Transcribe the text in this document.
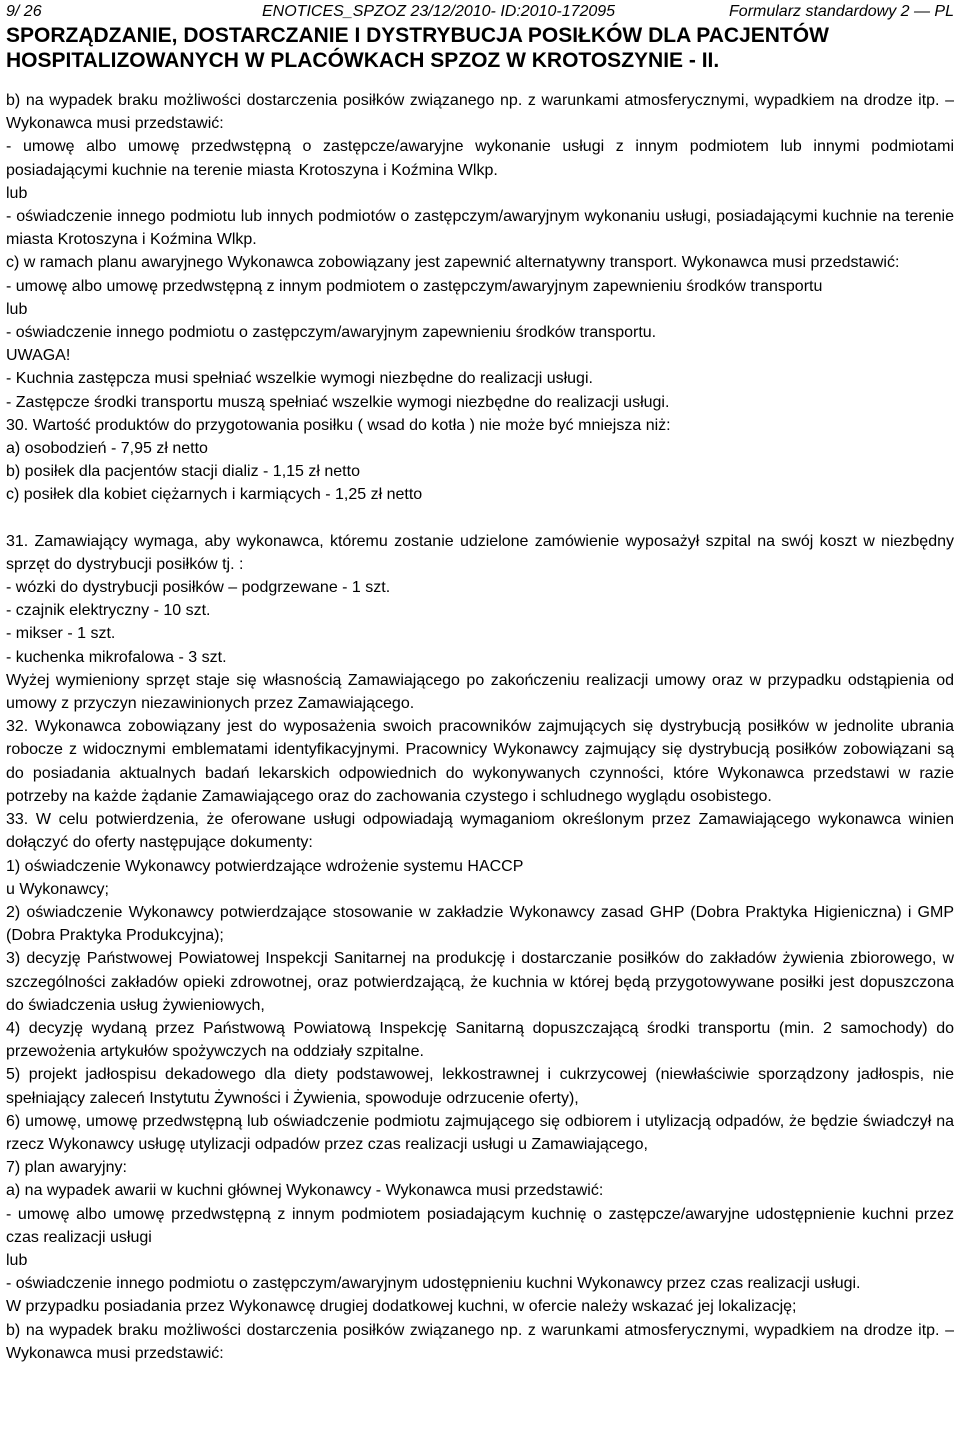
9/ 26	ENOTICES_SPZOZ 23/12/2010- ID:2010-172095	Formularz standardowy 2 — PL
SPORZĄDZANIE, DOSTARCZANIE I DYSTRYBUCJA POSIŁKÓW DLA PACJENTÓW
HOSPITALIZOWANYCH W PLACÓWKACH SPZOZ W KROTOSZYNIE - II.

b) na wypadek braku możliwości dostarczenia posiłków związanego np. z warunkami atmosferycznymi, wypadkiem na drodze itp. – Wykonawca musi przedstawić:

- umowę albo umowę przedwstępną o zastępcze/awaryjne wykonanie usługi z innym podmiotem lub innymi podmiotami posiadającymi kuchnie na terenie miasta Krotoszyna i Koźmina Wlkp.

lub

- oświadczenie innego podmiotu lub innych podmiotów o zastępczym/awaryjnym wykonaniu usługi, posiadającymi kuchnie na terenie miasta Krotoszyna i Koźmina Wlkp.

c) w ramach planu awaryjnego Wykonawca zobowiązany jest zapewnić alternatywny transport. Wykonawca musi przedstawić:

- umowę albo umowę przedwstępną z innym podmiotem o zastępczym/awaryjnym zapewnieniu środków transportu

lub

- oświadczenie innego podmiotu o zastępczym/awaryjnym zapewnieniu środków transportu.

UWAGA!

- Kuchnia zastępcza musi spełniać wszelkie wymogi niezbędne do realizacji usługi.

- Zastępcze środki transportu muszą spełniać wszelkie wymogi niezbędne do realizacji usługi.

30. Wartość produktów do przygotowania posiłku ( wsad do kotła ) nie może być mniejsza niż:

a) osobodzień - 7,95 zł netto

b) posiłek dla pacjentów stacji dializ - 1,15 zł netto

c) posiłek dla kobiet ciężarnych i karmiących - 1,25 zł netto

31. Zamawiający wymaga, aby wykonawca, któremu zostanie udzielone zamówienie wyposażył szpital na swój koszt w niezbędny sprzęt do dystrybucji posiłków tj. :

- wózki do dystrybucji posiłków – podgrzewane - 1 szt.

- czajnik elektryczny - 10 szt.

- mikser - 1 szt.

- kuchenka mikrofalowa - 3 szt.

Wyżej wymieniony sprzęt staje się własnością Zamawiającego po zakończeniu realizacji umowy oraz w przypadku odstąpienia od umowy z przyczyn niezawinionych przez Zamawiającego.

32. Wykonawca zobowiązany jest do wyposażenia swoich pracowników zajmujących się dystrybucją posiłków w jednolite ubrania robocze z widocznymi emblematami identyfikacyjnymi. Pracownicy Wykonawcy zajmujący się dystrybucją posiłków zobowiązani są do posiadania aktualnych badań lekarskich odpowiednich do wykonywanych czynności, które Wykonawca przedstawi w razie potrzeby na każde żądanie Zamawiającego oraz do zachowania czystego i schludnego wyglądu osobistego.

33. W celu potwierdzenia, że oferowane usługi odpowiadają wymaganiom określonym przez Zamawiającego wykonawca winien dołączyć do oferty następujące dokumenty:

1) oświadczenie Wykonawcy potwierdzające wdrożenie systemu HACCP

u Wykonawcy;

2) oświadczenie Wykonawcy potwierdzające stosowanie w zakładzie Wykonawcy zasad GHP (Dobra Praktyka Higieniczna) i GMP (Dobra Praktyka Produkcyjna);

3) decyzję Państwowej Powiatowej Inspekcji Sanitarnej na produkcję i dostarczanie posiłków do zakładów żywienia zbiorowego, w szczególności zakładów opieki zdrowotnej, oraz potwierdzającą, że kuchnia w której będą przygotowywane posiłki jest dopuszczona do świadczenia usług żywieniowych,

4) decyzję wydaną przez Państwową Powiatową Inspekcję Sanitarną dopuszczającą środki transportu (min. 2 samochody) do przewożenia artykułów spożywczych na oddziały szpitalne.

5) projekt jadłospisu dekadowego dla diety podstawowej, lekkostrawnej i cukrzycowej (niewłaściwie sporządzony jadłospis, nie spełniający zaleceń Instytutu Żywności i Żywienia, spowoduje odrzucenie oferty),

6) umowę, umowę przedwstępną lub oświadczenie podmiotu zajmującego się odbiorem i utylizacją odpadów, że będzie świadczył na rzecz Wykonawcy usługę utylizacji odpadów przez czas realizacji usługi u Zamawiającego,

7) plan awaryjny:

a) na wypadek awarii w kuchni głównej Wykonawcy - Wykonawca musi przedstawić:

- umowę albo umowę przedwstępną z innym podmiotem posiadającym kuchnię o zastępcze/awaryjne udostępnienie kuchni przez czas realizacji usługi

lub

- oświadczenie innego podmiotu o zastępczym/awaryjnym udostępnieniu kuchni Wykonawcy przez czas realizacji usługi.

W przypadku posiadania przez Wykonawcę drugiej dodatkowej kuchni, w ofercie należy wskazać jej lokalizację;

b) na wypadek braku możliwości dostarczenia posiłków związanego np. z warunkami atmosferycznymi, wypadkiem na drodze itp. – Wykonawca musi przedstawić:
